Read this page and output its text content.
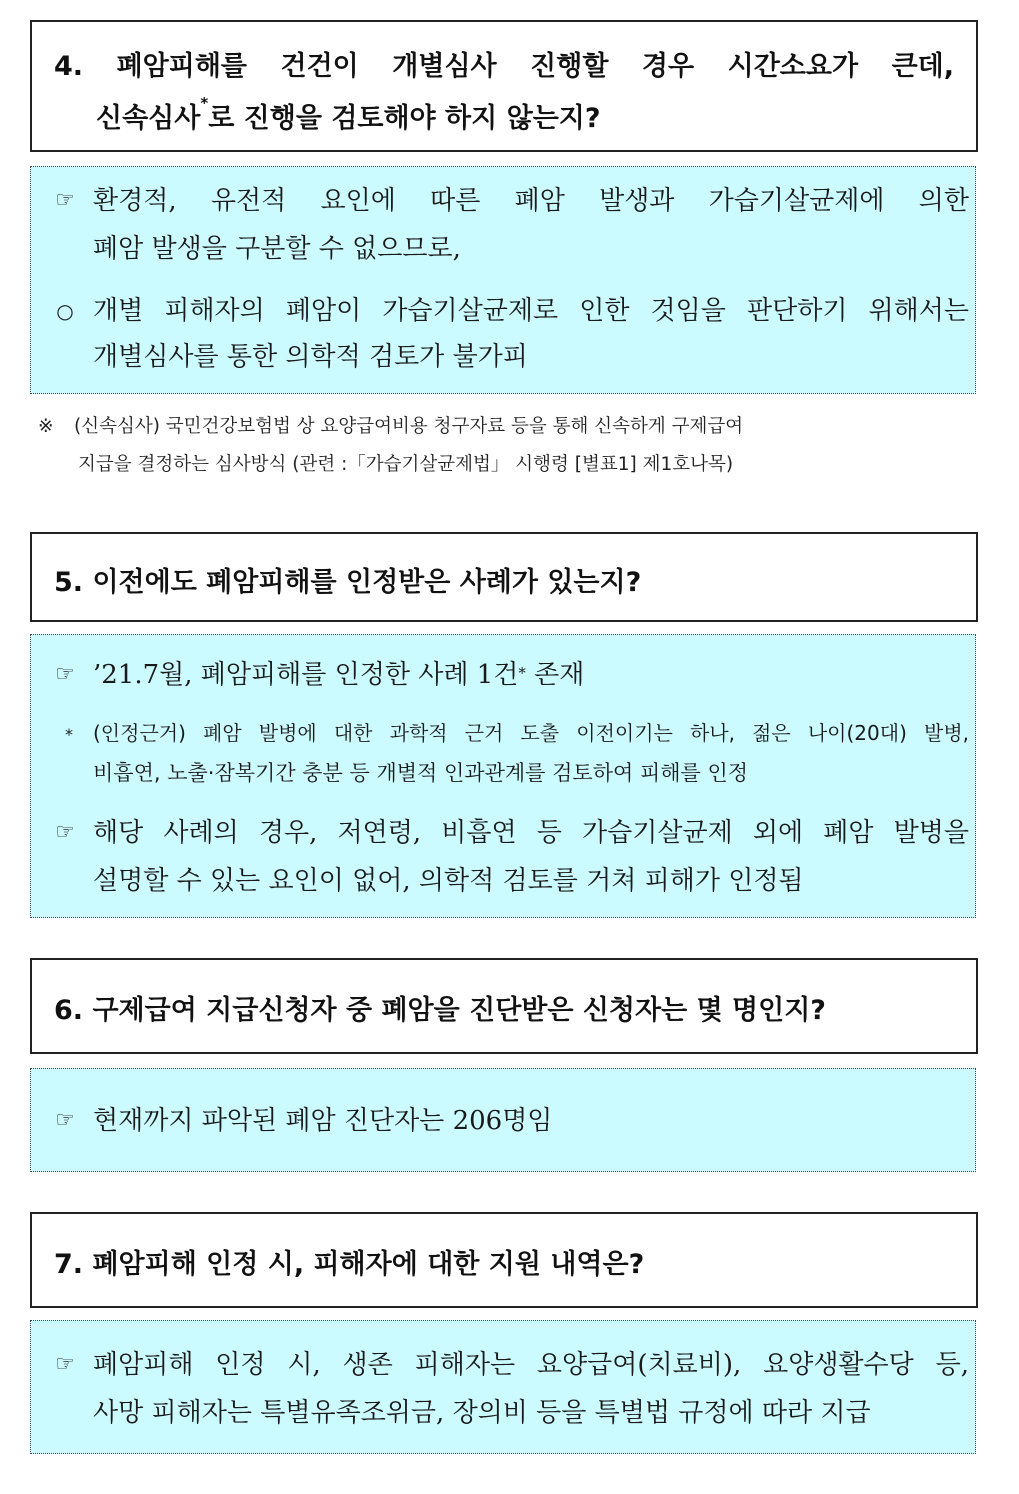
4. 폐암피해를 건건이 개별심사 진행할 경우 시간소요가 큰데,
신속심사*로 진행을 검토해야 하지 않는지?
☞ 환경적, 유전적 요인에 따른 폐암 발생과 가습기살균제에 의한
폐암 발생을 구분할 수 없으므로,
○ 개별 피해자의 폐암이 가습기살균제로 인한 것임을 판단하기 위해서는
개별심사를 통한 의학적 검토가 불가피
※ (신속심사) 국민건강보험법 상 요양급여비용 청구자료 등을 통해 신속하게 구제급여
지급을 결정하는 심사방식 (관련 :「가습기살균제법」 시행령 [별표1] 제1호나목)
5. 이전에도 폐암피해를 인정받은 사례가 있는지?
☞ ’21.7월, 폐암피해를 인정한 사례 1건* 존재
*	(인정근거) 폐암 발병에 대한 과학적 근거 도출 이전이기는 하나, 젊은 나이(20대) 발병,
비흡연, 노출·잠복기간 충분 등 개별적 인과관계를 검토하여 피해를 인정
☞ 해당 사례의 경우, 저연령, 비흡연 등 가습기살균제 외에 폐암 발병을
설명할 수 있는 요인이 없어, 의학적 검토를 거쳐 피해가 인정됨
6. 구제급여 지급신청자 중 폐암을 진단받은 신청자는 몇 명인지?
☞ 현재까지 파악된 폐암 진단자는 206명임
7. 폐암피해 인정 시, 피해자에 대한 지원 내역은?
☞ 폐암피해 인정 시, 생존 피해자는 요양급여(치료비), 요양생활수당 등,
사망 피해자는 특별유족조위금, 장의비 등을 특별법 규정에 따라 지급
